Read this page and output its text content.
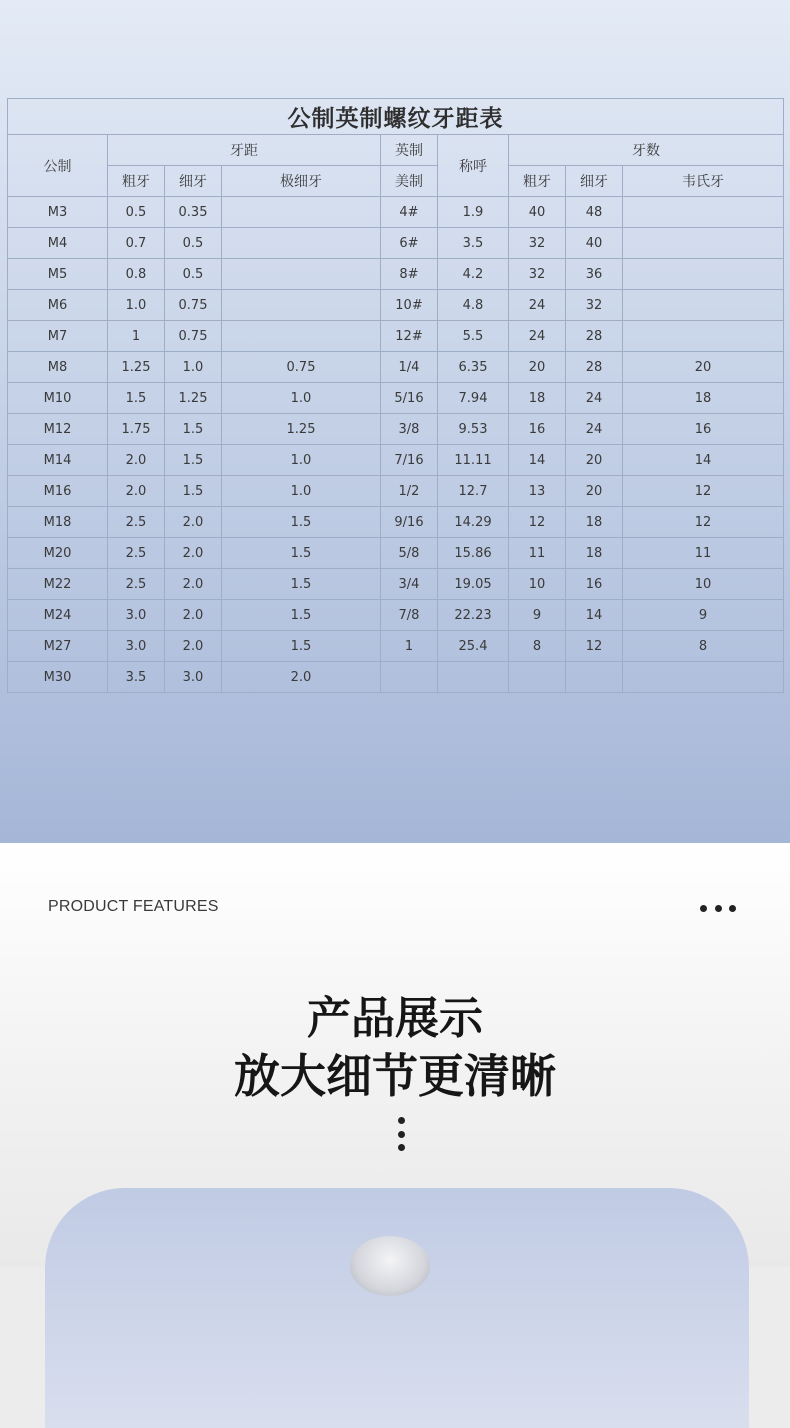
公制英制螺纹牙距表								
公制	牙距			英制	称呼	牙数		
	粗牙	细牙	极细牙	美制		粗牙	细牙	韦氏牙
M3	0.5	0.35		4#	1.9	40	48	
M4	0.7	0.5		6#	3.5	32	40	
M5	0.8	0.5		8#	4.2	32	36	
M6	1.0	0.75		10#	4.8	24	32	
M7	1	0.75		12#	5.5	24	28	
M8	1.25	1.0	0.75	1/4	6.35	20	28	20
M10	1.5	1.25	1.0	5/16	7.94	18	24	18
M12	1.75	1.5	1.25	3/8	9.53	16	24	16
M14	2.0	1.5	1.0	7/16	11.11	14	20	14
M16	2.0	1.5	1.0	1/2	12.7	13	20	12
M18	2.5	2.0	1.5	9/16	14.29	12	18	12
M20	2.5	2.0	1.5	5/8	15.86	11	18	11
M22	2.5	2.0	1.5	3/4	19.05	10	16	10
M24	3.0	2.0	1.5	7/8	22.23	9	14	9
M27	3.0	2.0	1.5	1	25.4	8	12	8
M30	3.5	3.0	2.0					
PRODUCT FEATURES
产品展示
放大细节更清晰
